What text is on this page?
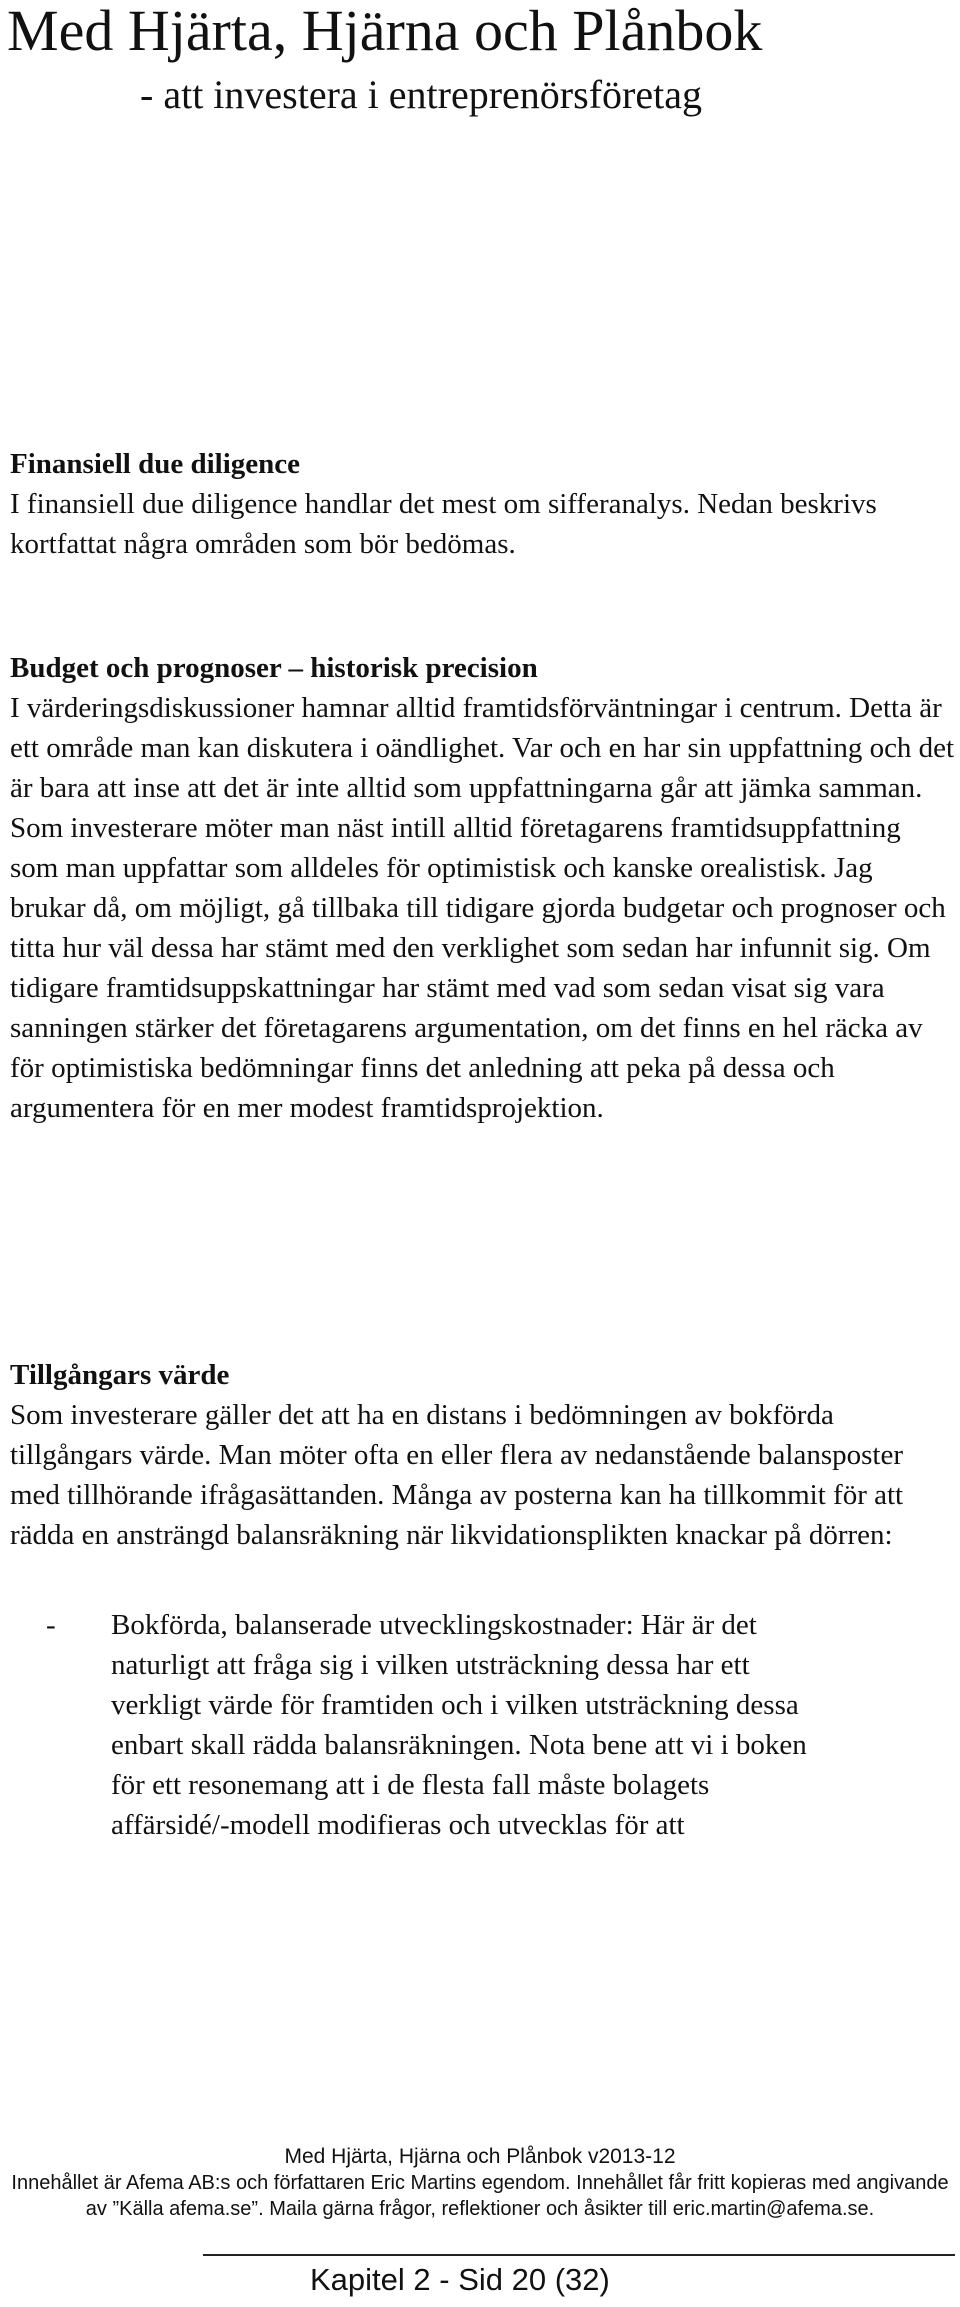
Med Hjärta, Hjärna och Plånbok
- att investera i entreprenörsföretag

Finansiell due diligence

I finansiell due diligence handlar det mest om sifferanalys. Nedan beskrivs kortfattat några områden som bör bedömas.

Budget och prognoser – historisk precision

I värderingsdiskussioner hamnar alltid framtidsförväntningar i centrum. Detta är ett område man kan diskutera i oändlighet. Var och en har sin uppfattning och det är bara att inse att det är inte alltid som uppfattningarna går att jämka samman. Som investerare möter man näst intill alltid företagarens framtidsuppfattning som man uppfattar som alldeles för optimistisk och kanske orealistisk. Jag brukar då, om möjligt, gå tillbaka till tidigare gjorda budgetar och prognoser och titta hur väl dessa har stämt med den verklighet som sedan har infunnit sig. Om tidigare framtidsuppskattningar har stämt med vad som sedan visat sig vara sanningen stärker det företagarens argumentation, om det finns en hel räcka av för optimistiska bedömningar finns det anledning att peka på dessa och argumentera för en mer modest framtidsprojektion.

Tillgångars värde

Som investerare gäller det att ha en distans i bedömningen av bokförda tillgångars värde. Man möter ofta en eller flera av nedanstående balansposter med tillhörande ifrågasättanden. Många av posterna kan ha tillkommit för att rädda en ansträngd balansräkning när likvidationsplikten knackar på dörren:

- Bokförda, balanserade utvecklingskostnader: Här är det naturligt att fråga sig i vilken utsträckning dessa har ett verkligt värde för framtiden och i vilken utsträckning dessa enbart skall rädda balansräkningen. Nota bene att vi i boken för ett resonemang att i de flesta fall måste bolagets affärsidé/-modell modifieras och utvecklas för att
Med Hjärta, Hjärna och Plånbok v2013-12
Innehållet är Afema AB:s och författaren Eric Martins egendom. Innehållet får fritt kopieras med angivande av ”Källa afema.se”. Maila gärna frågor, reflektioner och åsikter till eric.martin@afema.se.
Kapitel 2 - Sid 20 (32)
